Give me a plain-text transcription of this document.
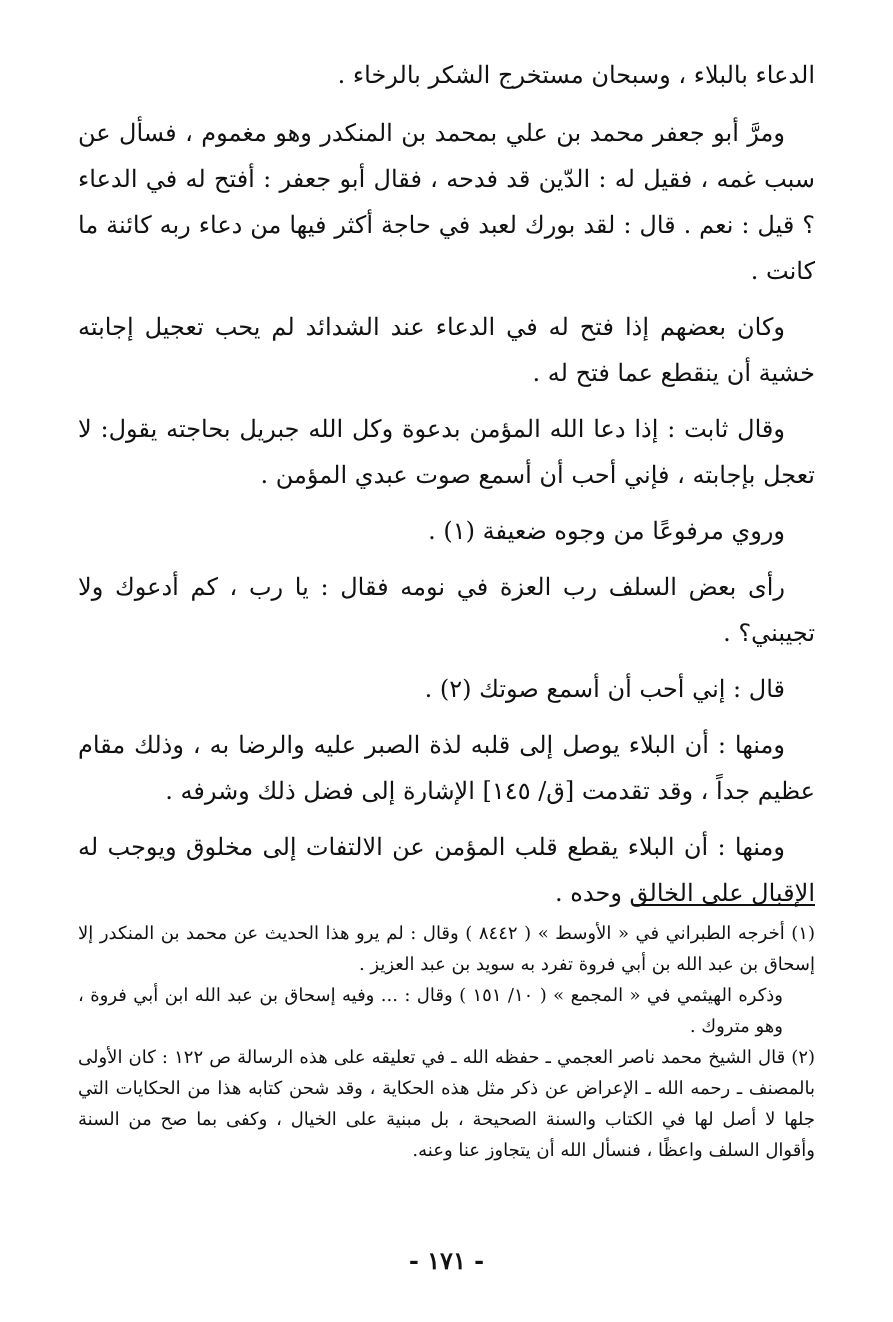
الدعاء بالبلاء ، وسبحان مستخرج الشكر بالرخاء .

ومرَّ أبو جعفر محمد بن علي بمحمد بن المنكدر وهو مغموم ، فسأل عن سبب غمه ، فقيل له : الدّين قد فدحه ، فقال أبو جعفر : أفتح له في الدعاء ؟ قيل : نعم . قال : لقد بورك لعبد في حاجة أكثر فيها من دعاء ربه كائنة ما كانت .

وكان بعضهم إذا فتح له في الدعاء عند الشدائد لم يحب تعجيل إجابته خشية أن ينقطع عما فتح له .

وقال ثابت : إذا دعا الله المؤمن بدعوة وكل الله جبريل بحاجته يقول: لا تعجل بإجابته ، فإني أحب أن أسمع صوت عبدي المؤمن .

وروي مرفوعًا من وجوه ضعيفة (١) .

رأى بعض السلف رب العزة في نومه فقال : يا رب ، كم أدعوك ولا تجيبني؟ .

قال : إني أحب أن أسمع صوتك (٢) .

ومنها : أن البلاء يوصل إلى قلبه لذة الصبر عليه والرضا به ، وذلك مقام عظيم جداً ، وقد تقدمت [ق/ ١٤٥] الإشارة إلى فضل ذلك وشرفه .

ومنها : أن البلاء يقطع قلب المؤمن عن الالتفات إلى مخلوق ويوجب له الإقبال على الخالق وحده .

(١) أخرجه الطبراني في « الأوسط » ( ٨٤٤٢ ) وقال : لم يرو هذا الحديث عن محمد بن المنكدر إلا إسحاق بن عبد الله بن أبي فروة تفرد به سويد بن عبد العزيز .

وذكره الهيثمي في « المجمع » ( ١٠/ ١٥١ ) وقال : ... وفيه إسحاق بن عبد الله ابن أبي فروة ، وهو متروك .

(٢) قال الشيخ محمد ناصر العجمي ـ حفظه الله ـ في تعليقه على هذه الرسالة ص ١٢٢ : كان الأولى بالمصنف ـ رحمه الله ـ الإعراض عن ذكر مثل هذه الحكاية ، وقد شحن كتابه هذا من الحكايات التي جلها لا أصل لها في الكتاب والسنة الصحيحة ، بل مبنية على الخيال ، وكفى بما صح من السنة وأقوال السلف واعظًا ، فنسأل الله أن يتجاوز عنا وعنه.

- ١٧١ -
